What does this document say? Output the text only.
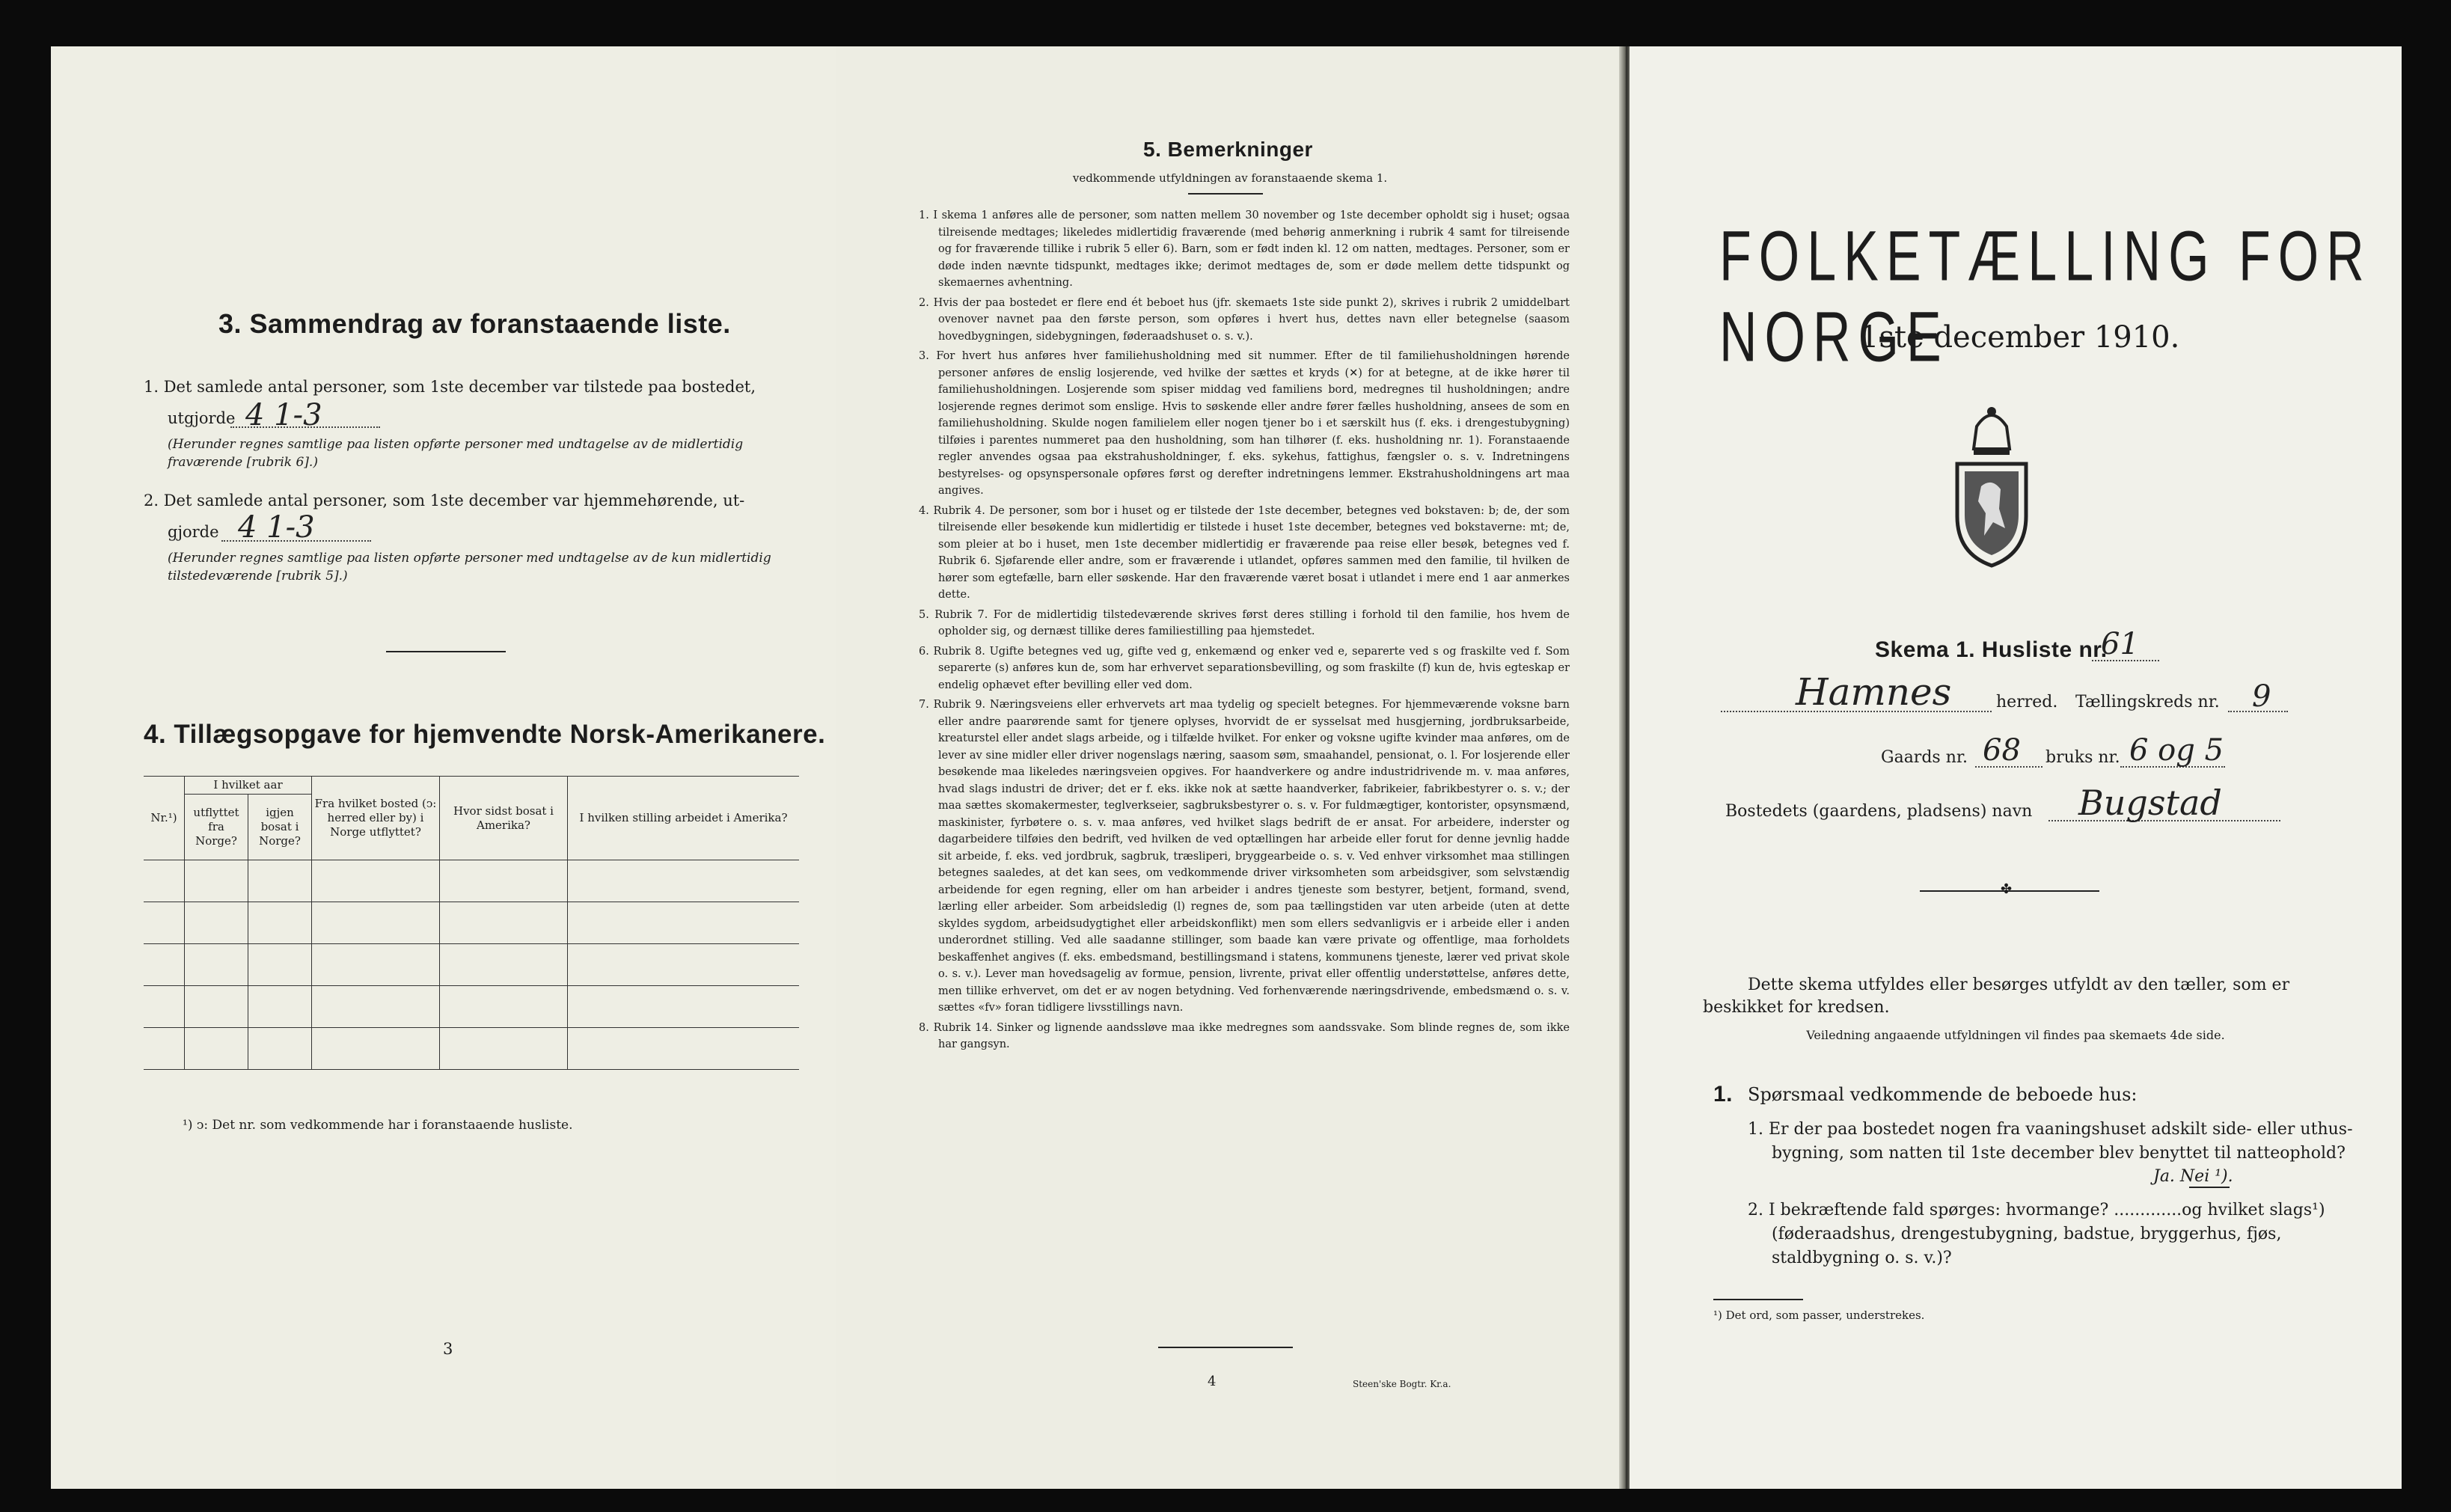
3. Sammendrag av foranstaaende liste.
1. Det samlede antal personer, som 1ste december var tilstede paa bostedet,
utgjorde 4 1-3
(Herunder regnes samtlige paa listen opførte personer med undtagelse av de midlertidig fraværende [rubrik 6].)
2. Det samlede antal personer, som 1ste december var hjemmehørende, ut-
gjorde 4 1-3
(Herunder regnes samtlige paa listen opførte personer med undtagelse av de kun midlertidig tilstedeværende [rubrik 5].)
4. Tillægsopgave for hjemvendte Norsk-Amerikanere.
Nr.¹)	I hvilket aar		Fra hvilket bosted (ↄ: herred eller by) i Norge utflyttet?	Hvor sidst bosat i Amerika?	I hvilken stilling arbeidet i Amerika?
	utflyttet fra Norge?	igjen bosat i Norge?			

¹) ↄ: Det nr. som vedkommende har i foranstaaende husliste.
3
5. Bemerkninger
vedkommende utfyldningen av foranstaaende skema 1.

1. I skema 1 anføres alle de personer, som natten mellem 30 november og 1ste december opholdt sig i huset; ogsaa tilreisende medtages; likeledes midlertidig fraværende (med behørig anmerkning i rubrik 4 samt for tilreisende og for fraværende tillike i rubrik 5 eller 6). Barn, som er født inden kl. 12 om natten, medtages. Personer, som er døde inden nævnte tidspunkt, medtages ikke; derimot medtages de, som er døde mellem dette tidspunkt og skemaernes avhentning.

2. Hvis der paa bostedet er flere end ét beboet hus (jfr. skemaets 1ste side punkt 2), skrives i rubrik 2 umiddelbart ovenover navnet paa den første person, som opføres i hvert hus, dettes navn eller betegnelse (saasom hovedbygningen, sidebygningen, føderaadshuset o. s. v.).

3. For hvert hus anføres hver familiehusholdning med sit nummer. Efter de til familiehusholdningen hørende personer anføres de enslig losjerende, ved hvilke der sættes et kryds (✕) for at betegne, at de ikke hører til familiehusholdningen. Losjerende som spiser middag ved familiens bord, medregnes til husholdningen; andre losjerende regnes derimot som enslige. Hvis to søskende eller andre fører fælles husholdning, ansees de som en familiehusholdning. Skulde nogen familielem eller nogen tjener bo i et særskilt hus (f. eks. i drengestubygning) tilføies i parentes nummeret paa den husholdning, som han tilhører (f. eks. husholdning nr. 1). Foranstaaende regler anvendes ogsaa paa ekstrahusholdninger, f. eks. sykehus, fattighus, fængsler o. s. v. Indretningens bestyrelses- og opsynspersonale opføres først og derefter indretningens lemmer. Ekstrahusholdningens art maa angives.

4. Rubrik 4. De personer, som bor i huset og er tilstede der 1ste december, betegnes ved bokstaven: b; de, der som tilreisende eller besøkende kun midlertidig er tilstede i huset 1ste december, betegnes ved bokstaverne: mt; de, som pleier at bo i huset, men 1ste december midlertidig er fraværende paa reise eller besøk, betegnes ved f. Rubrik 6. Sjøfarende eller andre, som er fraværende i utlandet, opføres sammen med den familie, til hvilken de hører som egtefælle, barn eller søskende. Har den fraværende været bosat i utlandet i mere end 1 aar anmerkes dette.

5. Rubrik 7. For de midlertidig tilstedeværende skrives først deres stilling i forhold til den familie, hos hvem de opholder sig, og dernæst tillike deres familiestilling paa hjemstedet.

6. Rubrik 8. Ugifte betegnes ved ug, gifte ved g, enkemænd og enker ved e, separerte ved s og fraskilte ved f. Som separerte (s) anføres kun de, som har erhvervet separationsbevilling, og som fraskilte (f) kun de, hvis egteskap er endelig ophævet efter bevilling eller ved dom.

7. Rubrik 9. Næringsveiens eller erhvervets art maa tydelig og specielt betegnes. For hjemmeværende voksne barn eller andre paarørende samt for tjenere oplyses, hvorvidt de er sysselsat med husgjerning, jordbruksarbeide, kreaturstel eller andet slags arbeide, og i tilfælde hvilket. For enker og voksne ugifte kvinder maa anføres, om de lever av sine midler eller driver nogenslags næring, saasom søm, smaahandel, pensionat, o. l. For losjerende eller besøkende maa likeledes næringsveien opgives. For haandverkere og andre industridrivende m. v. maa anføres, hvad slags industri de driver; det er f. eks. ikke nok at sætte haandverker, fabrikeier, fabrikbestyrer o. s. v.; der maa sættes skomakermester, teglverkseier, sagbruksbestyrer o. s. v. For fuldmægtiger, kontorister, opsynsmænd, maskinister, fyrbøtere o. s. v. maa anføres, ved hvilket slags bedrift de er ansat. For arbeidere, inderster og dagarbeidere tilføies den bedrift, ved hvilken de ved optællingen har arbeide eller forut for denne jevnlig hadde sit arbeide, f. eks. ved jordbruk, sagbruk, træsliperi, bryggearbeide o. s. v. Ved enhver virksomhet maa stillingen betegnes saaledes, at det kan sees, om vedkommende driver virksomheten som arbeidsgiver, som selvstændig arbeidende for egen regning, eller om han arbeider i andres tjeneste som bestyrer, betjent, formand, svend, lærling eller arbeider. Som arbeidsledig (l) regnes de, som paa tællingstiden var uten arbeide (uten at dette skyldes sygdom, arbeidsudygtighet eller arbeidskonflikt) men som ellers sedvanligvis er i arbeide eller i anden underordnet stilling. Ved alle saadanne stillinger, som baade kan være private og offentlige, maa forholdets beskaffenhet angives (f. eks. embedsmand, bestillingsmand i statens, kommunens tjeneste, lærer ved privat skole o. s. v.). Lever man hovedsagelig av formue, pension, livrente, privat eller offentlig understøttelse, anføres dette, men tillike erhvervet, om det er av nogen betydning. Ved forhenværende næringsdrivende, embedsmænd o. s. v. sættes «fv» foran tidligere livsstillings navn.

8. Rubrik 14. Sinker og lignende aandssløve maa ikke medregnes som aandssvake. Som blinde regnes de, som ikke har gangsyn.

4	Steen'ske Bogtr. Kr.a.
FOLKETÆLLING FOR NORGE
1ste december 1910.
Skema 1. Husliste nr.
61
Hamnes	herred. Tællingskreds nr. 9
Gaards nr. 68 bruks nr. 6 og 5
Bostedets (gaardens, pladsens) navn Bugstad
✤
Dette skema utfyldes eller besørges utfyldt av den tæller, som er beskikket for kredsen.
Veiledning angaaende utfyldningen vil findes paa skemaets 4de side.
1. Spørsmaal vedkommende de beboede hus:
1. Er der paa bostedet nogen fra vaaningshuset adskilt side- eller uthus-bygning, som natten til 1ste december blev benyttet til natteophold?
Ja. Nei ¹).
2. I bekræftende fald spørges: hvormange? .............og hvilket slags¹) (føderaadshus, drengestubygning, badstue, bryggerhus, fjøs, staldbygning o. s. v.)?
¹) Det ord, som passer, understrekes.
